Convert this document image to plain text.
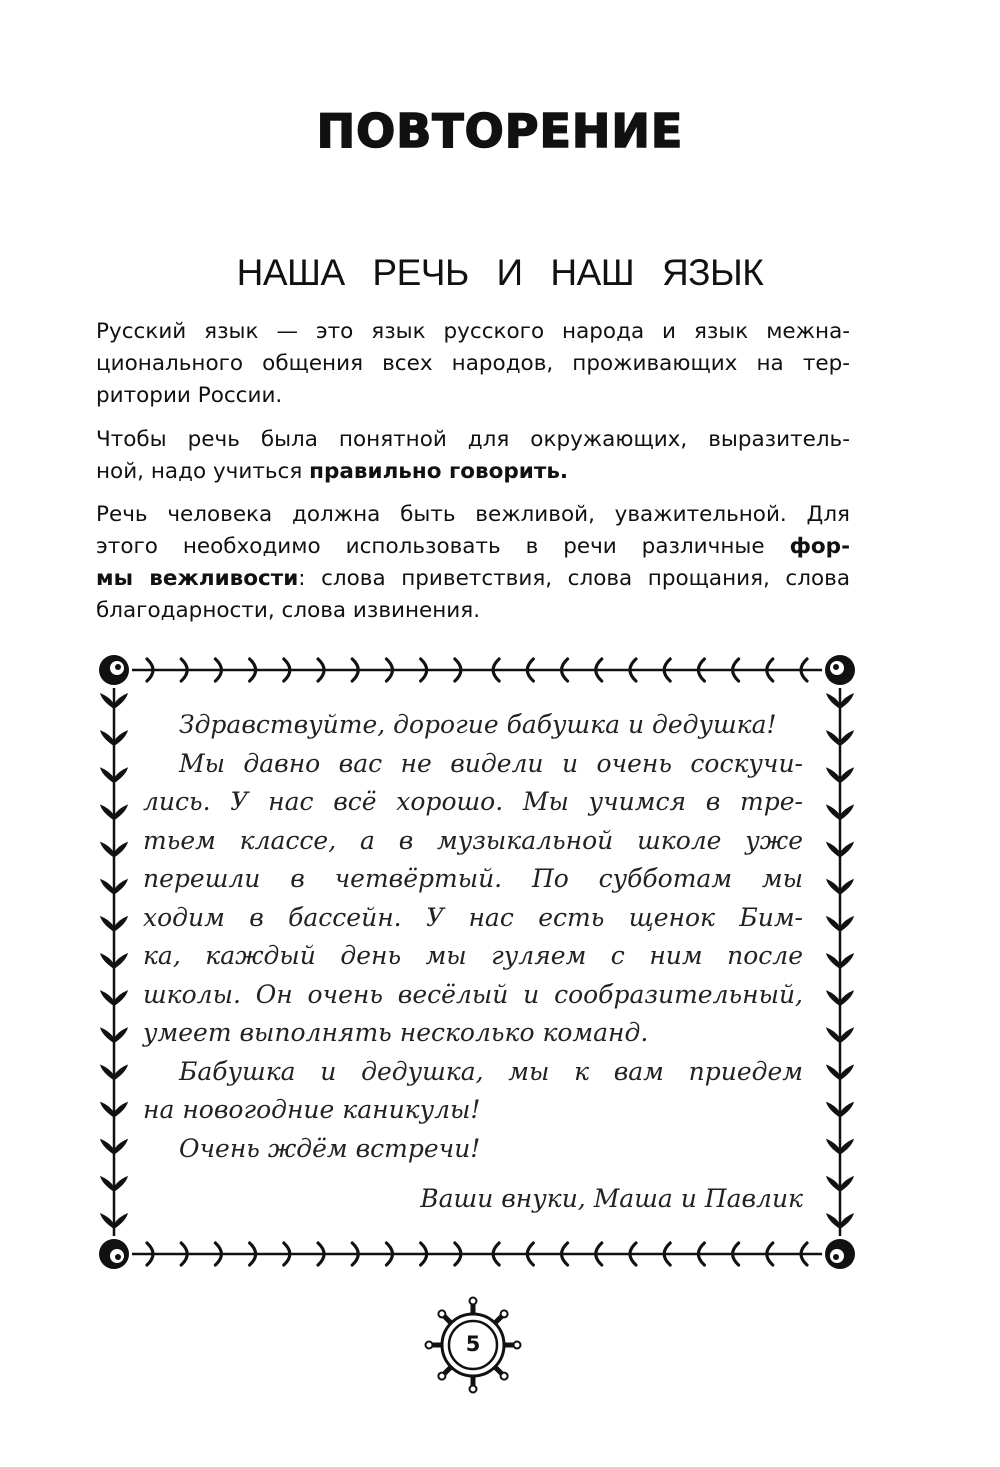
ПОВТОРЕНИЕ
НАША РЕЧЬ И НАШ ЯЗЫК
Русский язык — это язык русского народа и язык межна-
ционального общения всех народов, проживающих на тер-
ритории России.
Чтобы речь была понятной для окружающих, выразитель-
ной, надо учиться правильно говорить.
Речь человека должна быть вежливой, уважительной. Для
этого необходимо использовать в речи различные фор-
мы вежливости: слова приветствия, слова прощания, слова
благодарности, слова извинения.
Здравствуйте, дорогие бабушка и дедушка!
Мы давно вас не видели и очень соскучи-
лись. У нас всё хорошо. Мы учимся в тре-
тьем классе, а в музыкальной школе уже
перешли в четвёртый. По субботам мы
ходим в бассейн. У нас есть щенок Бим-
ка, каждый день мы гуляем с ним после
школы. Он очень весёлый и сообразительный,
умеет выполнять несколько команд.
Бабушка и дедушка, мы к вам приедем
на новогодние каникулы!
Очень ждём встречи!
Ваши внуки, Маша и Павлик
5
